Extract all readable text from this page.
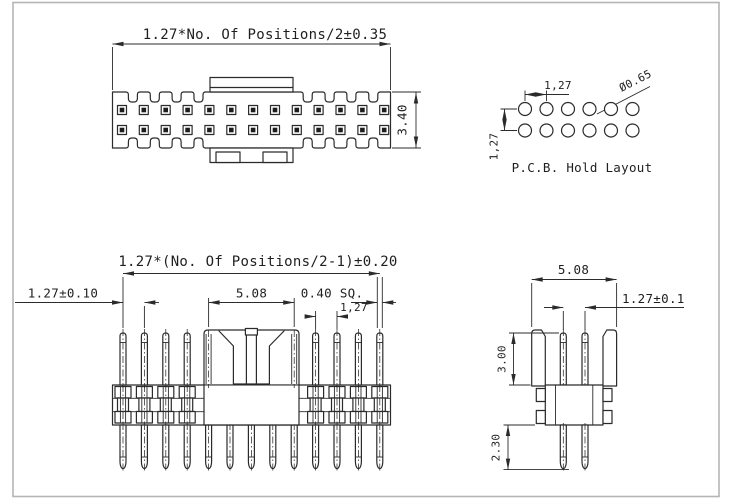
1.27*No. Of Positions/2±0.35
3.40
1,27
1,27
Ø0.65
P.C.B. Hold Layout
1.27*(No. Of Positions/2-1)±0.20
1.27±0.10	5.08	0.40 SQ.
1,27
5.08
1.27±0.1
3.00
2.30
